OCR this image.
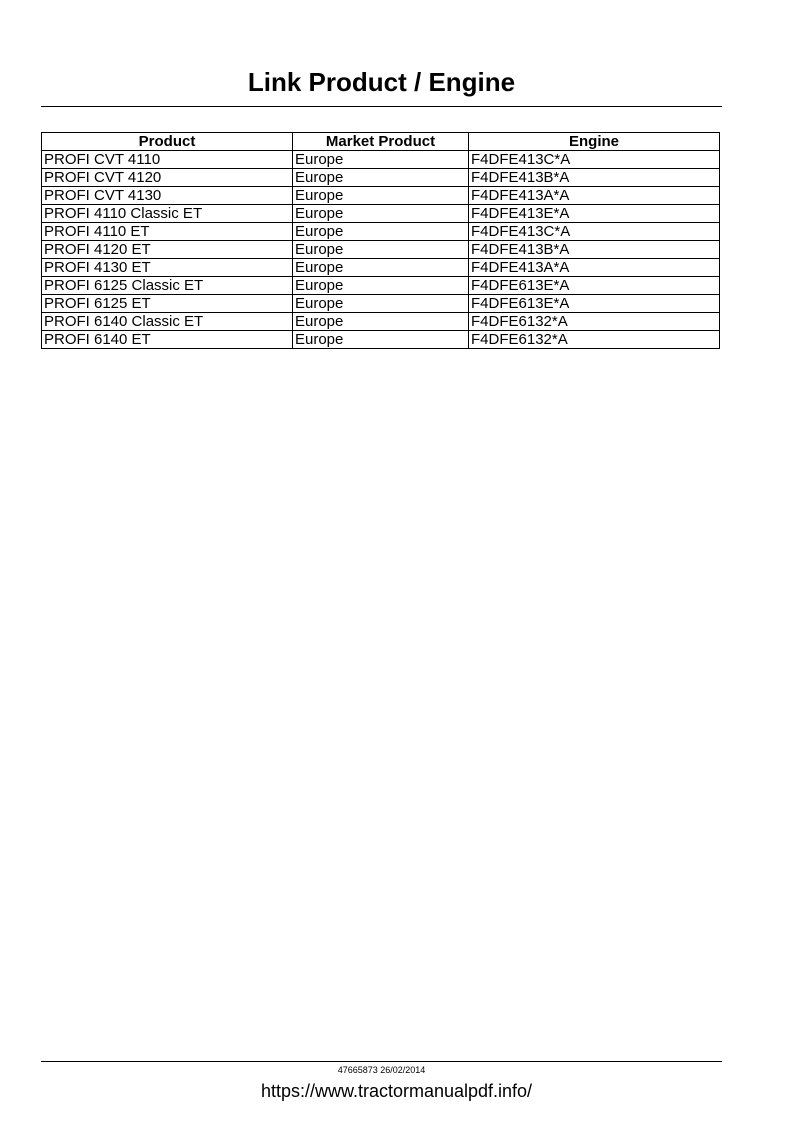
Link Product / Engine
Product	Market Product	Engine
PROFI CVT 4110	Europe	F4DFE413C*A
PROFI CVT 4120	Europe	F4DFE413B*A
PROFI CVT 4130	Europe	F4DFE413A*A
PROFI 4110 Classic ET	Europe	F4DFE413E*A
PROFI 4110 ET	Europe	F4DFE413C*A
PROFI 4120 ET	Europe	F4DFE413B*A
PROFI 4130 ET	Europe	F4DFE413A*A
PROFI 6125 Classic ET	Europe	F4DFE613E*A
PROFI 6125 ET	Europe	F4DFE613E*A
PROFI 6140 Classic ET	Europe	F4DFE6132*A
PROFI 6140 ET	Europe	F4DFE6132*A
47665873 26/02/2014
https://www.tractormanualpdf.info/
